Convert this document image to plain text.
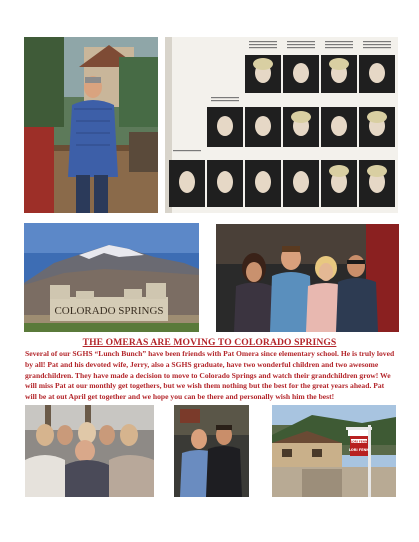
COLORADO SPRINGS
THE OMERAS ARE MOVING TO COLORADO SPRINGS
Several of our SGHS “Lunch Bunch” have been friends with Pat Omera since elementary school. He is truly loved
by all! Pat and his devoted wife, Jerry, also a SGHS graduate, have two wonderful children and two awesome
grandchildren. They have made a decision to move to Colorado Springs and watch their grandchildren grow! We
will miss Pat at our monthly get togethers, but we wish them nothing but the best for the great years ahead. Pat
will be at out April get together and we hope you can be there and personally wish him the best!
LORI FENN
LORI FENN
